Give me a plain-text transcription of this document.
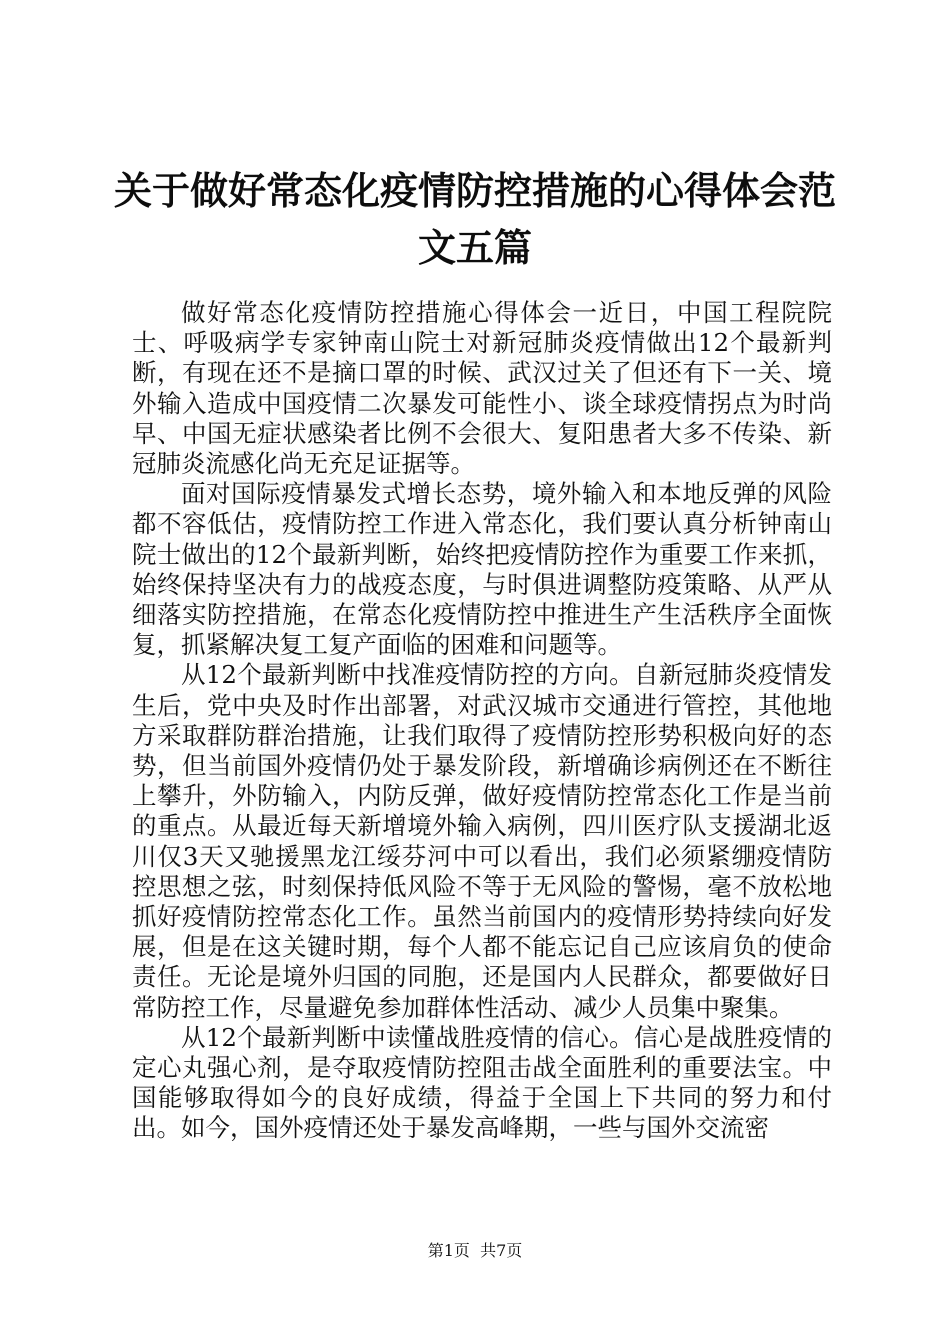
关于做好常态化疫情防控措施的心得体会范文五篇

做好常态化疫情防控措施心得体会一近日，中国工程院院士、呼吸病学专家钟南山院士对新冠肺炎疫情做出12个最新判断，有现在还不是摘口罩的时候、武汉过关了但还有下一关、境外输入造成中国疫情二次暴发可能性小、谈全球疫情拐点为时尚早、中国无症状感染者比例不会很大、复阳患者大多不传染、新冠肺炎流感化尚无充足证据等。

面对国际疫情暴发式增长态势，境外输入和本地反弹的风险都不容低估，疫情防控工作进入常态化，我们要认真分析钟南山院士做出的12个最新判断，始终把疫情防控作为重要工作来抓，始终保持坚决有力的战疫态度，与时俱进调整防疫策略、从严从细落实防控措施，在常态化疫情防控中推进生产生活秩序全面恢复，抓紧解决复工复产面临的困难和问题等。

从12个最新判断中找准疫情防控的方向。自新冠肺炎疫情发生后，党中央及时作出部署，对武汉城市交通进行管控，其他地方采取群防群治措施，让我们取得了疫情防控形势积极向好的态势，但当前国外疫情仍处于暴发阶段，新增确诊病例还在不断往上攀升，外防输入，内防反弹，做好疫情防控常态化工作是当前的重点。从最近每天新增境外输入病例，四川医疗队支援湖北返川仅3天又驰援黑龙江绥芬河中可以看出，我们必须紧绷疫情防控思想之弦，时刻保持低风险不等于无风险的警惕，毫不放松地抓好疫情防控常态化工作。虽然当前国内的疫情形势持续向好发展，但是在这关键时期，每个人都不能忘记自己应该肩负的使命责任。无论是境外归国的同胞，还是国内人民群众，都要做好日常防控工作，尽量避免参加群体性活动、减少人员集中聚集。

从12个最新判断中读懂战胜疫情的信心。信心是战胜疫情的定心丸强心剂，是夺取疫情防控阻击战全面胜利的重要法宝。中国能够取得如今的良好成绩，得益于全国上下共同的努力和付出。如今，国外疫情还处于暴发高峰期，一些与国外交流密

第1页 共7页
